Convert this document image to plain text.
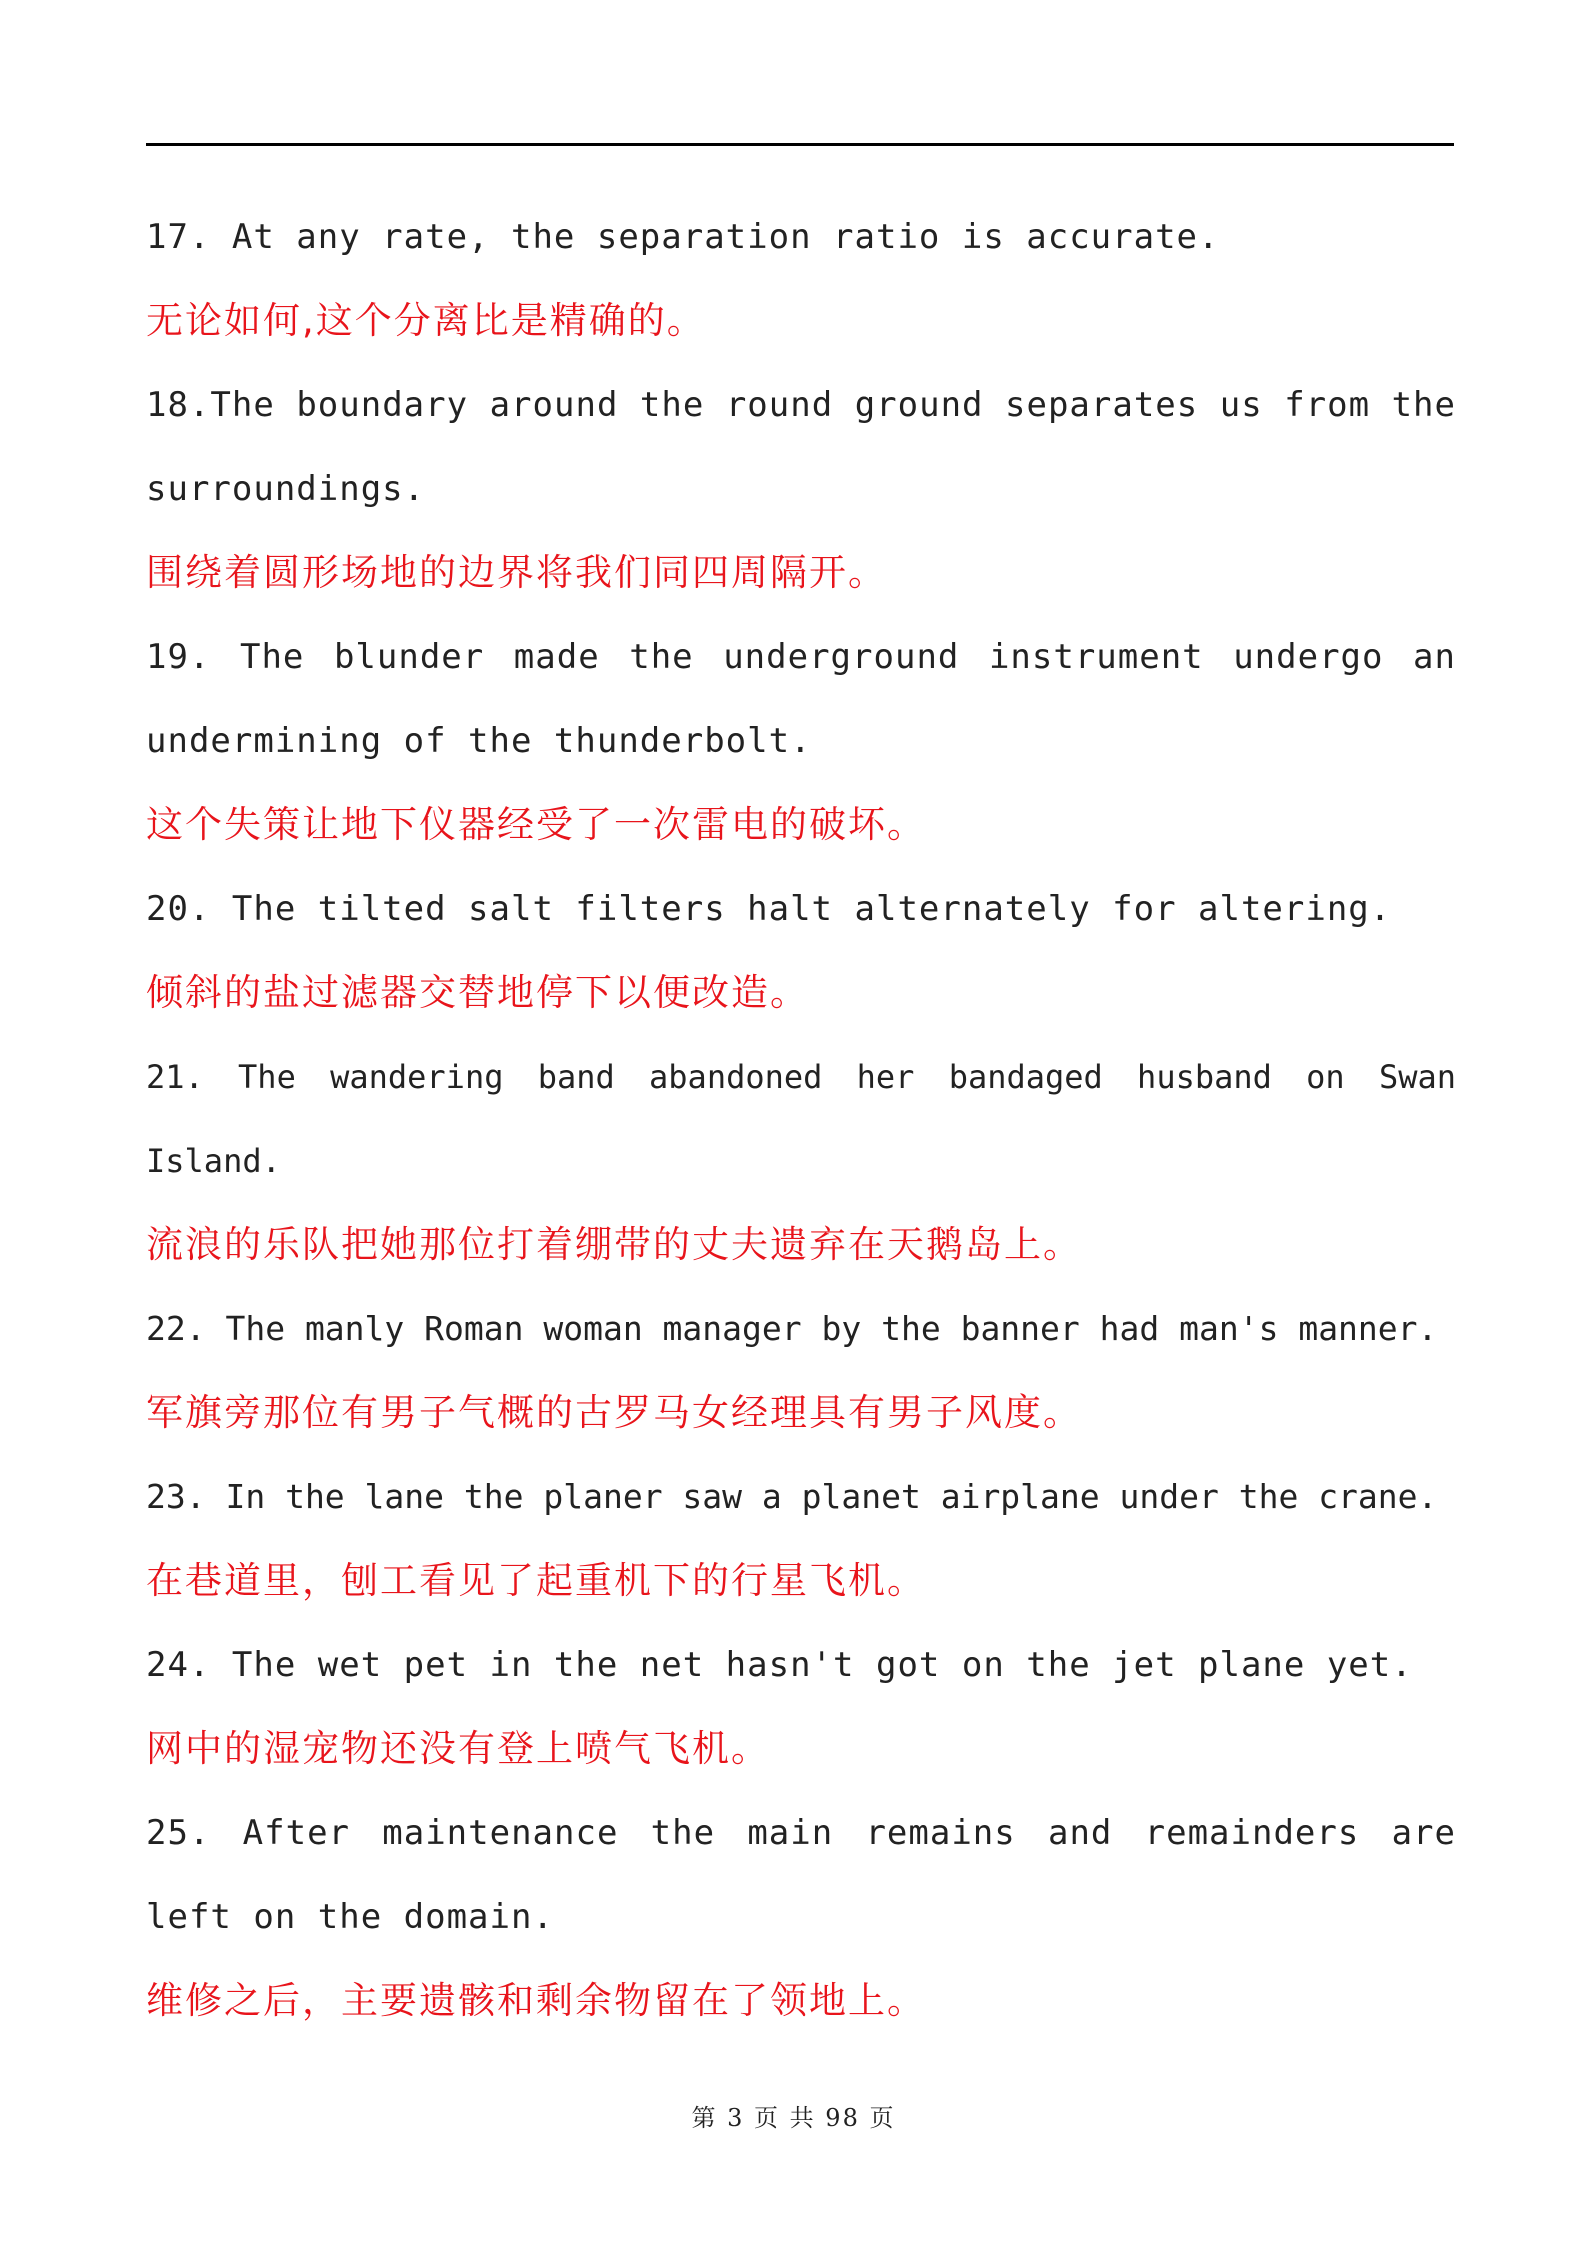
17. At any rate, the separation ratio is accurate.

无论如何,这个分离比是精确的。

18.The boundary around the round ground separates us from the surroundings.

围绕着圆形场地的边界将我们同四周隔开。

19. The blunder made the underground instrument undergo an undermining of the thunderbolt.

这个失策让地下仪器经受了一次雷电的破坏。

20. The tilted salt filters halt alternately for altering.

倾斜的盐过滤器交替地停下以便改造。

21. The wandering band abandoned her bandaged husband on Swan Island.

流浪的乐队把她那位打着绷带的丈夫遗弃在天鹅岛上。

22. The manly Roman woman manager by the banner had man's manner.

军旗旁那位有男子气概的古罗马女经理具有男子风度。

23. In the lane the planer saw a planet airplane under the crane.

在巷道里，刨工看见了起重机下的行星飞机。

24. The wet pet in the net hasn't got on the jet plane yet.

网中的湿宠物还没有登上喷气飞机。

25. After maintenance the main remains and remainders are left on the domain.

维修之后，主要遗骸和剩余物留在了领地上。

第 3 页 共 98 页
